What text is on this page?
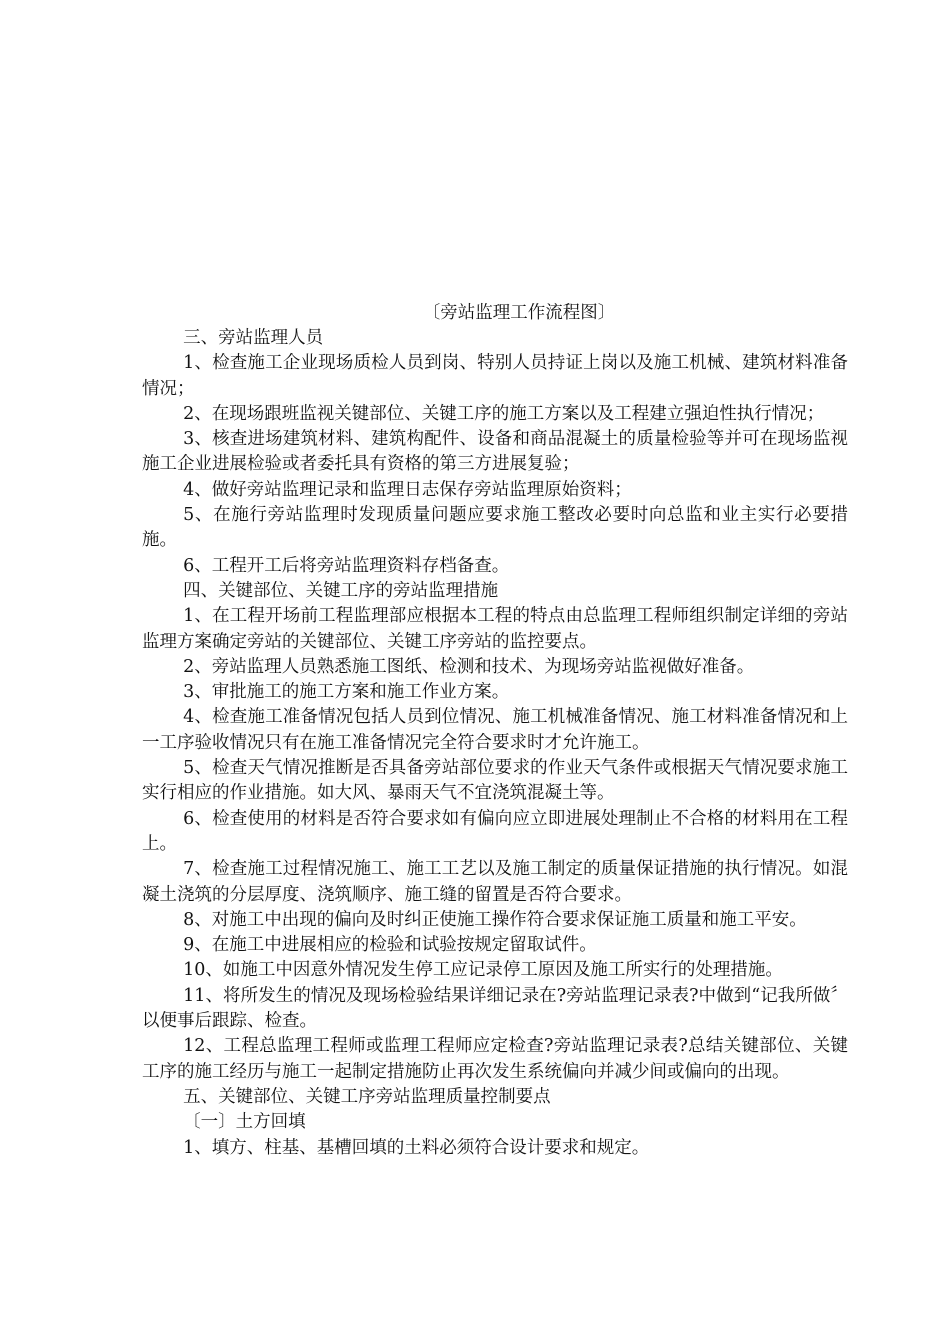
〔旁站监理工作流程图〕

三、旁站监理人员

1、检查施工企业现场质检人员到岗、特别人员持证上岗以及施工机械、建筑材料准备情况；

2、在现场跟班监视关键部位、关键工序的施工方案以及工程建立强迫性执行情况；

3、核查进场建筑材料、建筑构配件、设备和商品混凝土的质量检验等并可在现场监视施工企业进展检验或者委托具有资格的第三方进展复验；

4、做好旁站监理记录和监理日志保存旁站监理原始资料；

5、在施行旁站监理时发现质量问题应要求施工整改必要时向总监和业主实行必要措施。

6、工程开工后将旁站监理资料存档备查。

四、关键部位、关键工序的旁站监理措施

1、在工程开场前工程监理部应根据本工程的特点由总监理工程师组织制定详细的旁站监理方案确定旁站的关键部位、关键工序旁站的监控要点。

2、旁站监理人员熟悉施工图纸、检测和技术、为现场旁站监视做好准备。

3、审批施工的施工方案和施工作业方案。

4、检查施工准备情况包括人员到位情况、施工机械准备情况、施工材料准备情况和上一工序验收情况只有在施工准备情况完全符合要求时才允许施工。

5、检查天气情况推断是否具备旁站部位要求的作业天气条件或根据天气情况要求施工实行相应的作业措施。如大风、暴雨天气不宜浇筑混凝土等。

6、检查使用的材料是否符合要求如有偏向应立即进展处理制止不合格的材料用在工程上。

7、检查施工过程情况施工、施工工艺以及施工制定的质量保证措施的执行情况。如混凝土浇筑的分层厚度、浇筑顺序、施工缝的留置是否符合要求。

8、对施工中出现的偏向及时纠正使施工操作符合要求保证施工质量和施工平安。

9、在施工中进展相应的检验和试验按规定留取试件。

10、如施工中因意外情况发生停工应记录停工原因及施工所实行的处理措施。

11、将所发生的情况及现场检验结果详细记录在?旁站监理记录表?中做到“记我所做〞以便事后跟踪、检查。

12、工程总监理工程师或监理工程师应定检查?旁站监理记录表?总结关键部位、关键工序的施工经历与施工一起制定措施防止再次发生系统偏向并减少间或偏向的出现。

五、关键部位、关键工序旁站监理质量控制要点

〔一〕土方回填

1、填方、柱基、基槽回填的土料必须符合设计要求和规定。
